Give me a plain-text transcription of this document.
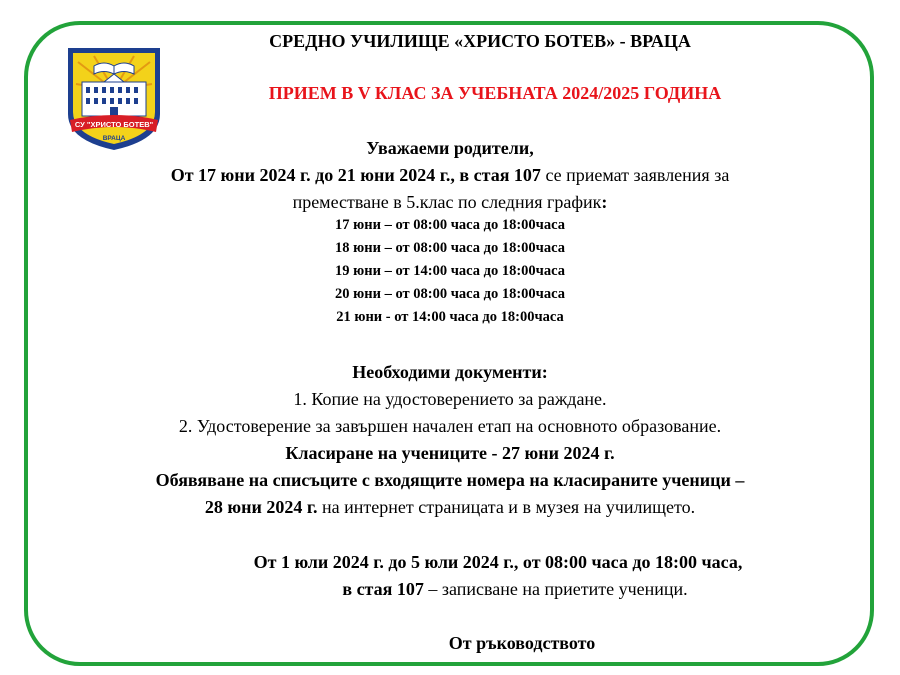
СУ "ХРИСТО БОТЕВ"
ВРАЦА
СРЕДНО УЧИЛИЩЕ «ХРИСТО БОТЕВ» - ВРАЦА
ПРИЕМ В V КЛАС ЗА УЧЕБНАТА 2024/2025 ГОДИНА
Уважаеми родители,
От 17 юни 2024 г. до 21 юни 2024 г., в стая 107 се приемат заявления за
преместване в 5.клас по следния график:
17 юни – от 08:00 часа до 18:00часа
18 юни – от 08:00 часа до 18:00часа
19 юни – от 14:00 часа до 18:00часа
20 юни – от 08:00 часа до 18:00часа
21 юни - от 14:00 часа до 18:00часа
Необходими документи:
1. Копие на удостоверението за раждане.
2. Удостоверение за завършен начален етап на основното образование.
Класиране на учениците - 27 юни 2024 г.
Обявяване на списъците с входящите номера на класираните ученици –
28 юни 2024 г. на интернет страницата и в музея на училището.
От 1 юли 2024 г. до 5 юли 2024 г., от 08:00 часа до 18:00 часа,
в стая 107 – записване на приетите ученици.
От ръководството
